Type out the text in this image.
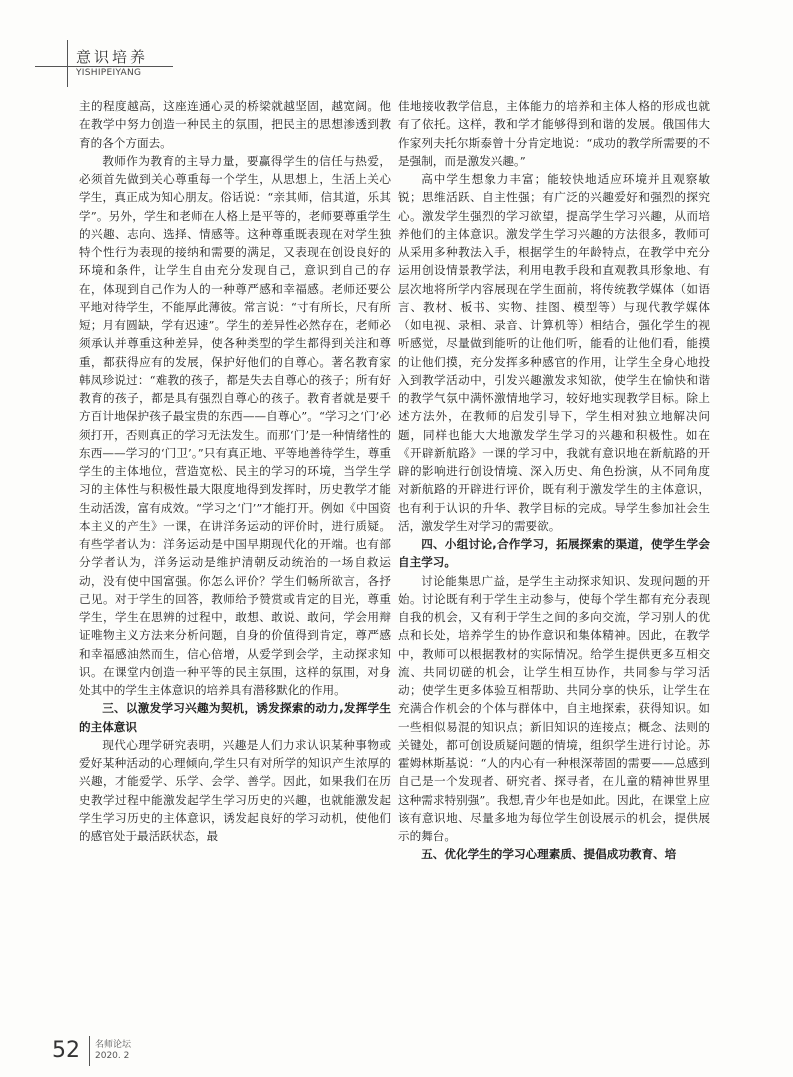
意识培养
YISHIPEIYANG

主的程度越高，这座连通心灵的桥梁就越坚固，越宽阔。他在教学中努力创造一种民主的氛围，把民主的思想渗透到教育的各个方面去。

教师作为教育的主导力量，要赢得学生的信任与热爱，必须首先做到关心尊重每一个学生，从思想上，生活上关心学生，真正成为知心朋友。俗话说：“亲其师，信其道，乐其学”。另外，学生和老师在人格上是平等的，老师要尊重学生的兴趣、志向、选择、情感等。这种尊重既表现在对学生独特个性行为表现的接纳和需要的满足，又表现在创设良好的环境和条件，让学生自由充分发现自己，意识到自己的存在，体现到自己作为人的一种尊严感和幸福感。老师还要公平地对待学生，不能厚此薄彼。常言说：“寸有所长，尺有所短；月有圆缺，学有迟速”。学生的差异性必然存在，老师必须承认并尊重这种差异，使各种类型的学生都得到关注和尊重，都获得应有的发展，保护好他们的自尊心。著名教育家韩凤珍说过：“难教的孩子，都是失去自尊心的孩子；所有好教育的孩子，都是具有强烈自尊心的孩子。教育者就是要千方百计地保护孩子最宝贵的东西——自尊心”。“学习之‘门’必须打开，否则真正的学习无法发生。而那‘门’是一种情绪性的东西——学习的‘门卫’。”只有真正地、平等地善待学生，尊重学生的主体地位，营造宽松、民主的学习的环境，当学生学习的主体性与积极性最大限度地得到发挥时，历史教学才能生动活泼，富有成效。“学习之‘门’”才能打开。例如《中国资本主义的产生》一课，在讲洋务运动的评价时，进行质疑。有些学者认为：洋务运动是中国早期现代化的开端。也有部分学者认为，洋务运动是维护清朝反动统治的一场自救运动，没有使中国富强。你怎么评价？学生们畅所欲言，各抒己见。对于学生的回答，教师给予赞赏或肯定的目光，尊重学生，学生在思辨的过程中，敢想、敢说、敢问，学会用辩证唯物主义方法来分析问题，自身的价值得到肯定，尊严感和幸福感油然而生，信心倍增，从爱学到会学，主动探求知识。在课堂内创造一种平等的民主氛围，这样的氛围，对身处其中的学生主体意识的培养具有潜移默化的作用。

三、以激发学习兴趣为契机，诱发探索的动力,发挥学生的主体意识

现代心理学研究表明，兴趣是人们力求认识某种事物或爱好某种活动的心理倾向,学生只有对所学的知识产生浓厚的兴趣，才能爱学、乐学、会学、善学。因此，如果我们在历史教学过程中能激发起学生学习历史的兴趣，也就能激发起学生学习历史的主体意识，诱发起良好的学习动机，使他们的感官处于最活跃状态，最

佳地接收教学信息，主体能力的培养和主体人格的形成也就有了依托。这样，教和学才能够得到和谐的发展。俄国伟大作家列夫托尔斯泰曾十分肯定地说：“成功的教学所需要的不是强制，而是激发兴趣。”

高中学生想象力丰富；能较快地适应环境并且观察敏锐；思维活跃、自主性强；有广泛的兴趣爱好和强烈的探究心。激发学生强烈的学习欲望，提高学生学习兴趣，从而培养他们的主体意识。激发学生学习兴趣的方法很多，教师可从采用多种教法入手，根据学生的年龄特点，在教学中充分运用创设情景教学法，利用电教手段和直观教具形象地、有层次地将所学内容展现在学生面前，将传统教学媒体（如语言、教材、板书、实物、挂图、模型等）与现代教学媒体（如电视、录相、录音、计算机等）相结合，强化学生的视听感觉，尽量做到能听的让他们听，能看的让他们看，能摸的让他们摸，充分发挥多种感官的作用，让学生全身心地投入到教学活动中，引发兴趣激发求知欲，使学生在愉快和谐的教学气氛中满怀激情地学习，较好地实现教学目标。除上述方法外，在教师的启发引导下，学生相对独立地解决问题，同样也能大大地激发学生学习的兴趣和积极性。如在《开辟新航路》一课的学习中，我就有意识地在新航路的开辟的影响进行创设情境、深入历史、角色扮演，从不同角度对新航路的开辟进行评价，既有利于激发学生的主体意识，也有利于认识的升华、教学目标的完成。导学生参加社会生活，激发学生对学习的需要欲。

四、小组讨论,合作学习，拓展探索的渠道，使学生学会自主学习。

讨论能集思广益，是学生主动探求知识、发现问题的开始。讨论既有利于学生主动参与，使每个学生都有充分表现自我的机会，又有利于学生之间的多向交流，学习别人的优点和长处，培养学生的协作意识和集体精神。因此，在教学中，教师可以根据教材的实际情况。给学生提供更多互相交流、共同切磋的机会，让学生相互协作，共同参与学习活动；使学生更多体验互相帮助、共同分享的快乐，让学生在充满合作机会的个体与群体中，自主地探索，获得知识。如一些相似易混的知识点；新旧知识的连接点；概念、法则的关键处，都可创设质疑问题的情境，组织学生进行讨论。苏霍姆林斯基说：“人的内心有一种根深蒂固的需要——总感到自己是一个发现者、研究者、探寻者，在儿童的精神世界里这种需求特别强”。我想,青少年也是如此。因此，在课堂上应该有意识地、尽量多地为每位学生创设展示的机会，提供展示的舞台。

五、优化学生的学习心理素质、提倡成功教育、培
52 名师论坛
2020. 2
